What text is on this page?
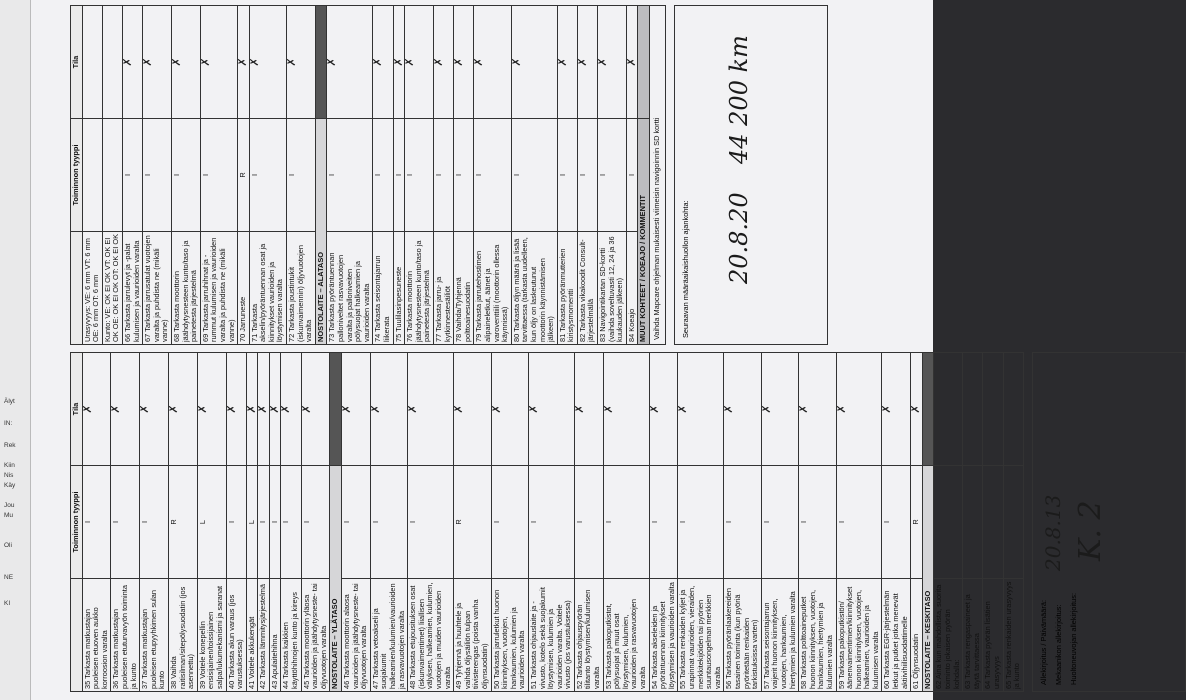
Älyt
IN:
Rek
Kiin
Nis
Käy
Jou
Mu
Oli
NE
KI
	Toiminnon tyyppi	Tila
35 Tarkasta matkustajan puoleisen etuoven aukko korroosion varalta	I	✗
36 Tarkasta matkustajan puoleisen etuturvavyön toiminta ja kunto	I	✗
37 Tarkasta matkustajan puoleisen etupyyhkimen sulan kunto	I	✗
38 Vaihda raitisilman/sitepölysuodatin (jos asennettu)	R	✗
39 Voitele konepellin ensisijainen/toissijainen salpa/lukumekanismi ja saranat	L	✗
40 Tarkasta akun varaus (jos varustuksessa)	I	✗
41 Voitele akkukengät	L	✗
42 Tarkasta lämmitysjärjestelmä	I	✗
43 Apulaitehihna	I	✗
44 Tarkasta kaikkien käyttöhihnojen kunto ja kireys	I	✗
45 Tarkasta moottorin yläosa vauriolden ja jäähdytysneste- tai öljyvuotojen varalta	I	✗
NOSTOLAITE – YLÄTASO		
46 Tarkasta moottorin alaosa vaurioiden ja jäähdytysneste- tai öljyvuotojen varalta	I	✗
47 Tarkasta vetoakseli ja suojakumit halkeamien/kulumien/vaurioiden ja rasvavuotojen varalta	I	✗
48 Tarkasta etujousituksen osat (iskunvaimentimet) liiallisen välyksen, halkeamien, kulumien, vuotojen ja muiden vaurioiden varalta	I	✗
49 Tyhjennä ja huuhtele ja vaihda öljysäiliön tulpan tiivisterengas (poista vanha öljynsuodatin)	R	✗
50 Tarkasta jarruletkut huonon kiinnityksen, vuotojen, hankaumien, kulumien ja vaurioiden varalta	I	✗
51 Tarkasta ohjauslaite ja -vivusto, kotelo sekä suojakumit löystymisen, kulumien ja vaurioiden varalta. Voitele vivusto (jos varustuksessa)	I	✗
52 Tarkasta ohjauspyörän tilitanto löystymisen/kulumisen varalta	I	✗
53 Tarkasta pakoputkistot, pölysuojat ja muut osat löystymisen, kulumien, vaurioiden ja rasvavuotojen varalta	I	✗
54 Tarkasta akseleiden ja pyöräntuennan kiinnitykset löystymisen ja vaurioiden varalta	I	✗
55 Tarkasta renkaiden kyljet ja urapinnat vaurioiden, vieraiden, merkkitekijöiden tai pyörien suuntausongelman merkkien varalta	I	✗
56 Tarkasta pyöränlaakereiden tasainen toiminta (kun pyöriä pyöritetään renkaiden tarkistuksissa varten)	I	✗
57 Tarkasta seisontajarrun vaijerit huonon kiinnityksen, vuotojen, hankaumien, hiertymien ja kulumien varalta	I	✗
58 Tarkasta polttoaineputket huonon kiinnityksen, vuotojen, hankaumien, hiertymien ja kulumien varalta	I	✗
59 Tarkasta pakoputkistön/äänenvaimentimien/kiinnitykset huonon kiinnityksen, vuotojen, halkeamien, vaurioiden ja kulumisen varalta	I	✗
60 Tarkasta EGR-järjestelmän letkut ja putket jotka menevät aktiivihiilisuodattimelle	I	✗
61 Öljynsuodatin	R	✗
NOSTOLAITE – KESKITASO		
62 Aina kun mahdollista, suorita toiminto jokaisen pyörän kohdalla:		
63 Tarkasta rengaspaineet ja täytä tarvittaessa		
64 Tarkasta pyörän lisätien urasyvyys		
65 Tarkasta renkaiden urasyvyys ja kunto		Allekirjoitus / Päivämäärä: Mekaanikon allekirjoitus: Huoltoneuvojan allekirjoitus:
20.8.13 K. 2
	Toiminnon tyyppi	Tila
Urasyvyys: VE: 6 mm VT: 6 mm OE: 6 mm OT: 6 mm		
Kunto: VE: OK EI OK VT: OK EI OK OE: OK EI OK OT: OK EI OK		
66 Tarkasta jarrulevyt ja -palat kulumisen ja vaurioiden varalta	I	✗
67 Tarkasta jarrusatulat vuotojen varalta ja puhdista ne (mikäli vanne)	I	✗
68 Tarkasta moottorin jäähdytysnesteen kunto/taso ja painetesta järjestelmä	I	✗
69 Tarkasta jarruhihnat ja -rummut kulumisen ja vaurioiden varalta ja puhdista ne (mikäli vanne)	I	✗
70 Jarruneste	R	✗
71 Tarkasta akselin/pyöräntuennan osat ja kiinnitykset vaurioiden ja löystymisen varalta	I	✗
72 Tarkasta joustintukit (iskunvaimennin) öljyvuotojen varalta	I	✗
NOSTOLAITE – ALATASO		
73 Tarkasta pyöräntuennan palloniveltet rasvavuotojen varalta ja palloniveiten pölysuojat halkeamien ja vaurioiden varalta	I	✗
74 Tarkasta seisontajarrun liikerata	I	✗
75 Tuulilasinpesuneste	I	✗
76 Tarkasta moottorin jäähdytysnesteen kunto/taso ja painetesta järjestelmä	I	✗
77 Tarkasta jarru- ja kytkinnestesäiliöt	I	✗
78 Vaihda/Tyhjennä polttoainesuodatin	I	✗
79 Tarkasta jarrutehostimen alipaineletkut, äänet ja varoventtiili (moottorin ollessa käynnissä)	I	✗
80 Tarkasta öljyn määrä ja lisää tarvittaessa (tarkasta uudelleen, kun öljy on laskeutunut moottorin käynnistämisen jälkeen)	I	✗
81 Tarkasta pyöränmutterien kiristysmomentti	I	✗
82 Tarkasta vikakoodit Consult-järjestelmällä	I	✗
83 Navigointikartan SD-kortti (vaihda soveltuvasti 12, 24 ja 36 kuukauden jälkeen)	I	✗
84 Koeajo	I	✗
MUUT KOHTEET / KOEAJO / KOMMENTIT		
Vaihda Mapcare ohjelman mukaisesti viimeisin navigoinnin SD kortti			Seuraavan määräaikaishuollon ajankohta: 20.8.20
44 200 km
